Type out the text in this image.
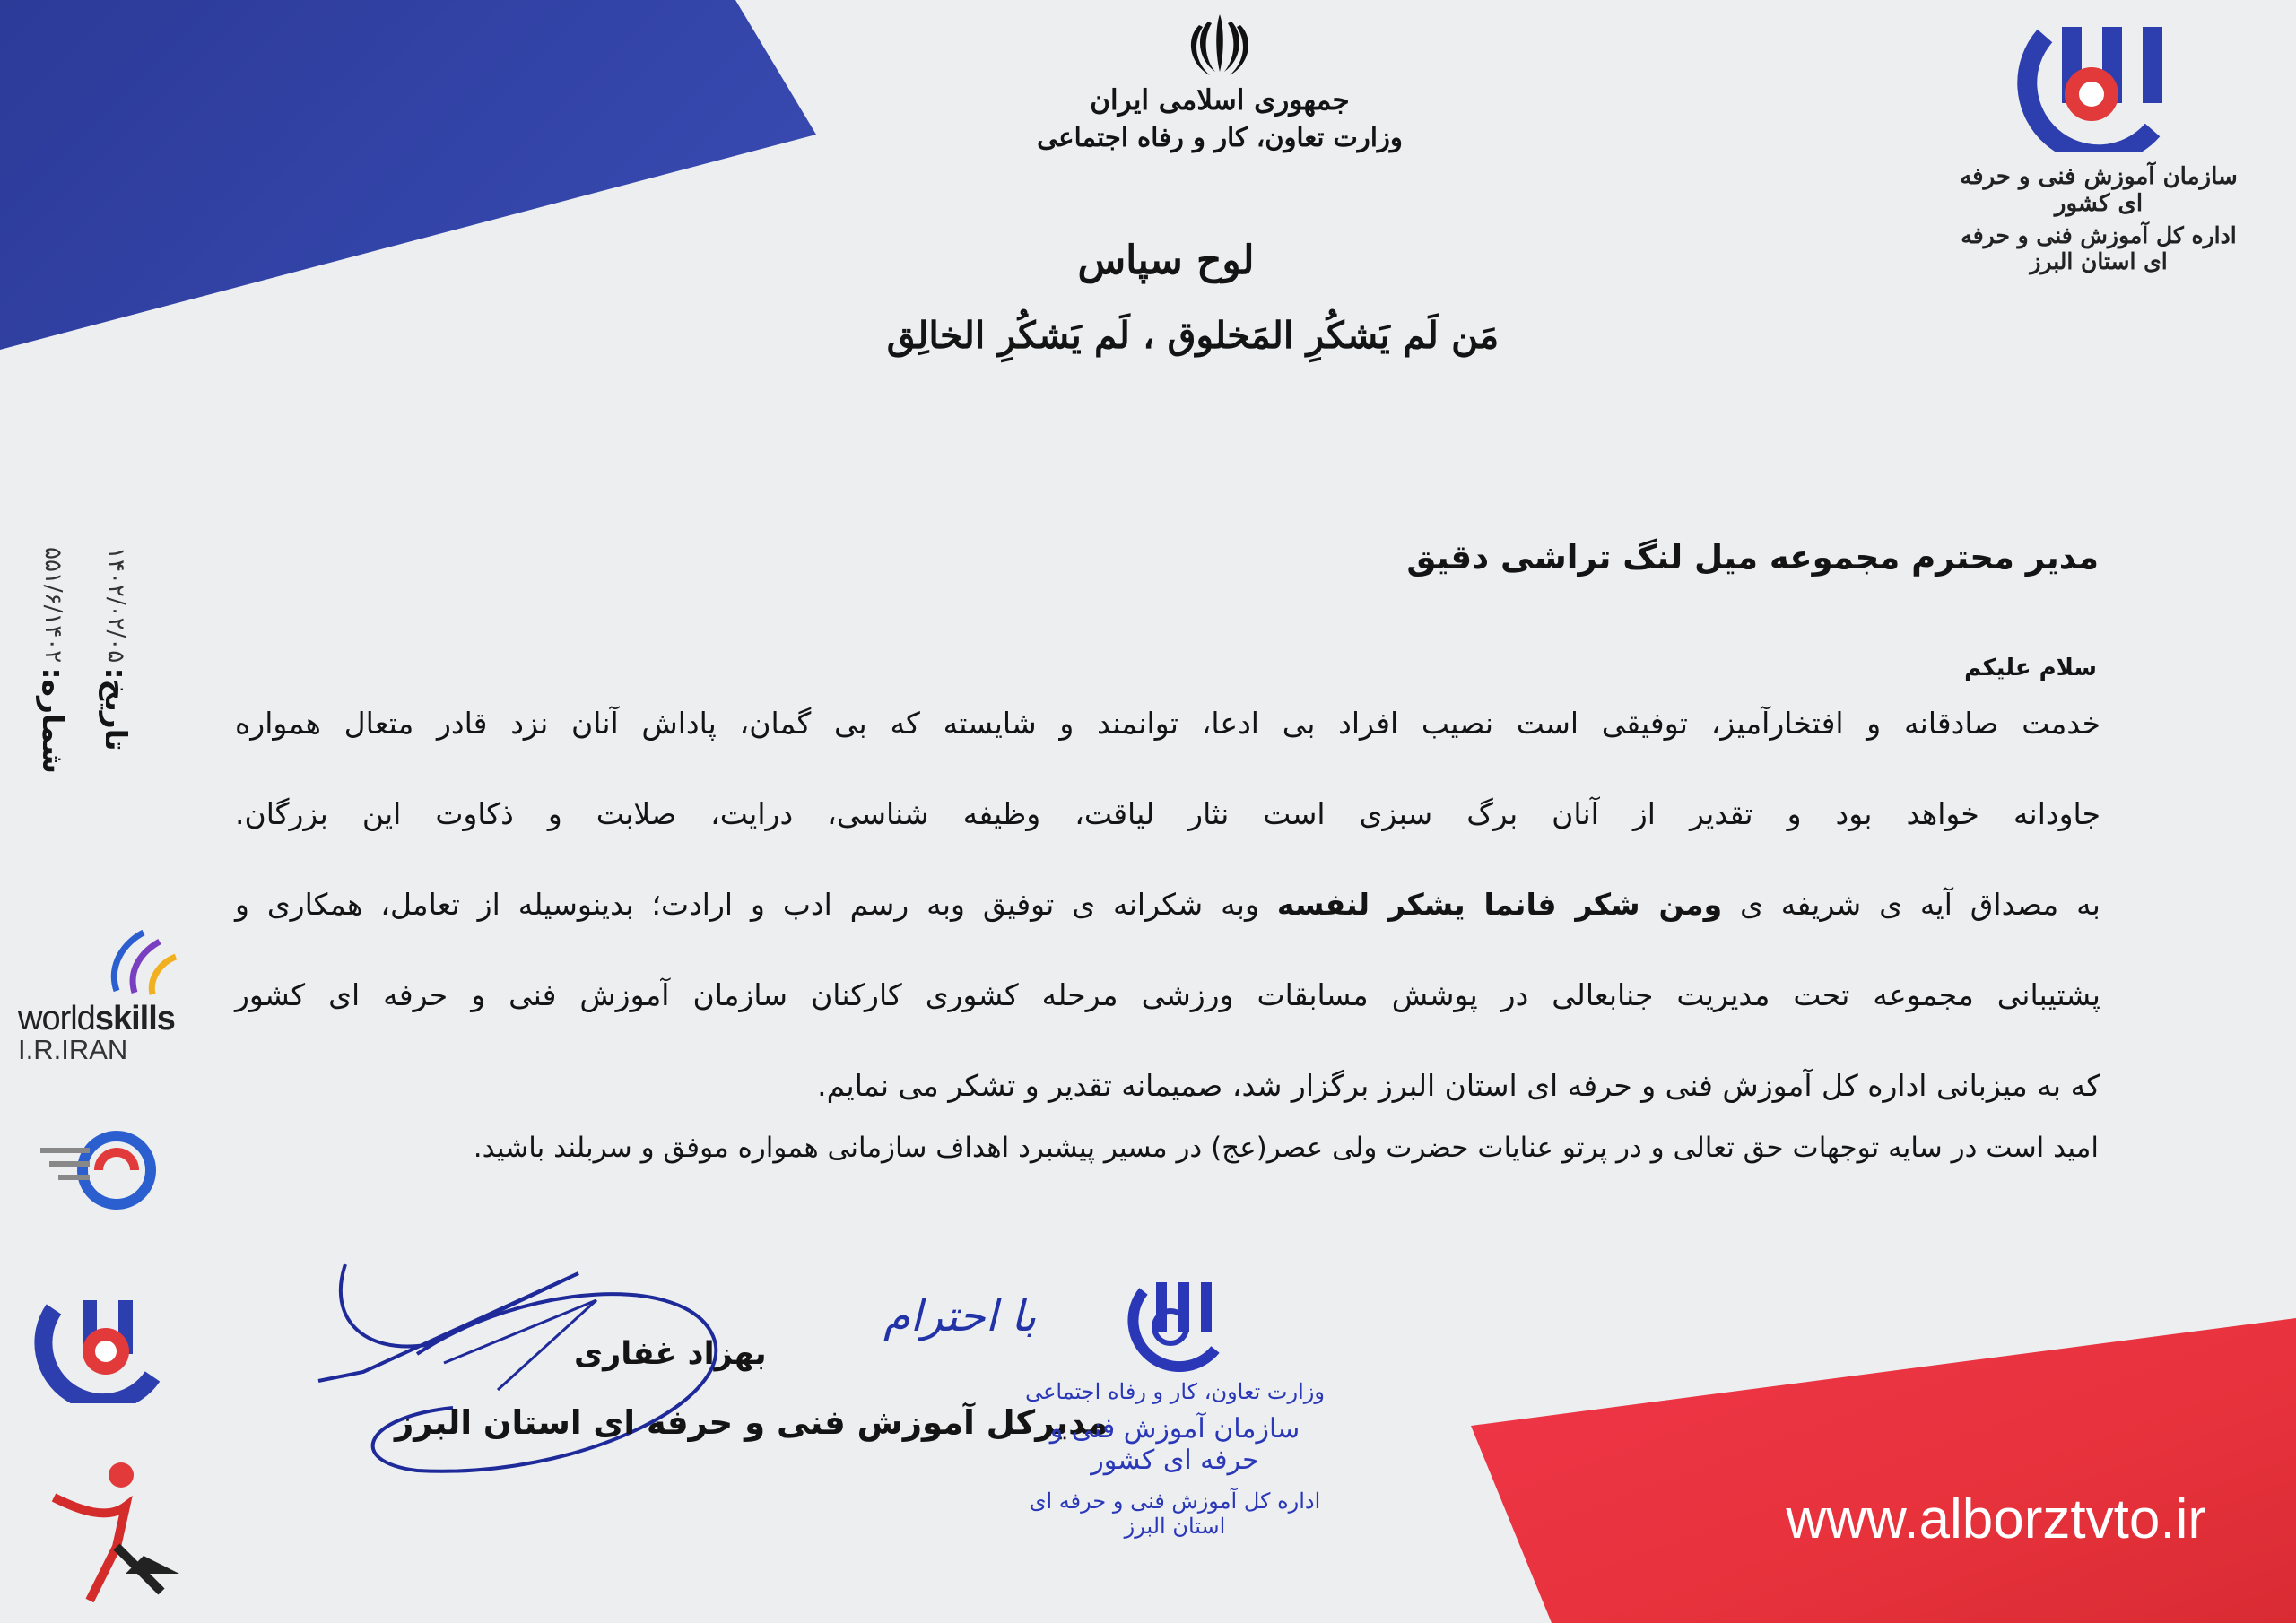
www.alborztvto.ir
جمهوری اسلامی ایران
وزارت تعاون، کار و رفاه اجتماعی
لوح سپاس
مَن لَم یَشکُرِ المَخلوق ، لَم یَشکُرِ الخالِق
سازمان آموزش فنی و حرفه ای کشور
اداره کل آموزش فنی و حرفه ای استان البرز
تاریخ: ۱۴۰۲/۰۲/۰۵
شماره: ۵۵۱/۶/۱۴۰۲	مدیر محترم مجموعه میل لنگ تراشی دقیق
سلام علیکم

خدمت صادقانه و افتخارآمیز، توفیقی است نصیب افراد بی ادعا، توانمند و شایسته که بی گمان، پاداش آنان نزد قادر متعال همواره

جاودانه خواهد بود و تقدیر از آنان برگ سبزی است نثار لیاقت، وظیفه شناسی، درایت، صلابت و ذکاوت این بزرگان.

به مصداق آیه ی شریفه ی ومن شکر فانما یشکر لنفسه وبه شکرانه ی توفیق وبه رسم ادب و ارادت؛ بدینوسیله از تعامل، همکاری و

پشتیبانی مجموعه تحت مدیریت جنابعالی در پوشش مسابقات ورزشی مرحله کشوری کارکنان سازمان آموزش فنی و حرفه ای کشور

که به میزبانی اداره کل آموزش فنی و حرفه ای استان البرز برگزار شد، صمیمانه تقدیر و تشکر می نمایم.

امید است در سایه توجهات حق تعالی و در پرتو عنایات حضرت ولی عصر(عج) در مسیر پیشبرد اهداف سازمانی همواره موفق و سربلند باشید.
بهزاد غفاری
مدیرکل آموزش فنی و حرفه ای استان البرز
با احترام
وزارت تعاون، کار و رفاه اجتماعی
سازمان آموزش فنی و حرفه ای کشور
اداره کل آموزش فنی و حرفه ای استان البرز
worldskills
I.R.IRAN
